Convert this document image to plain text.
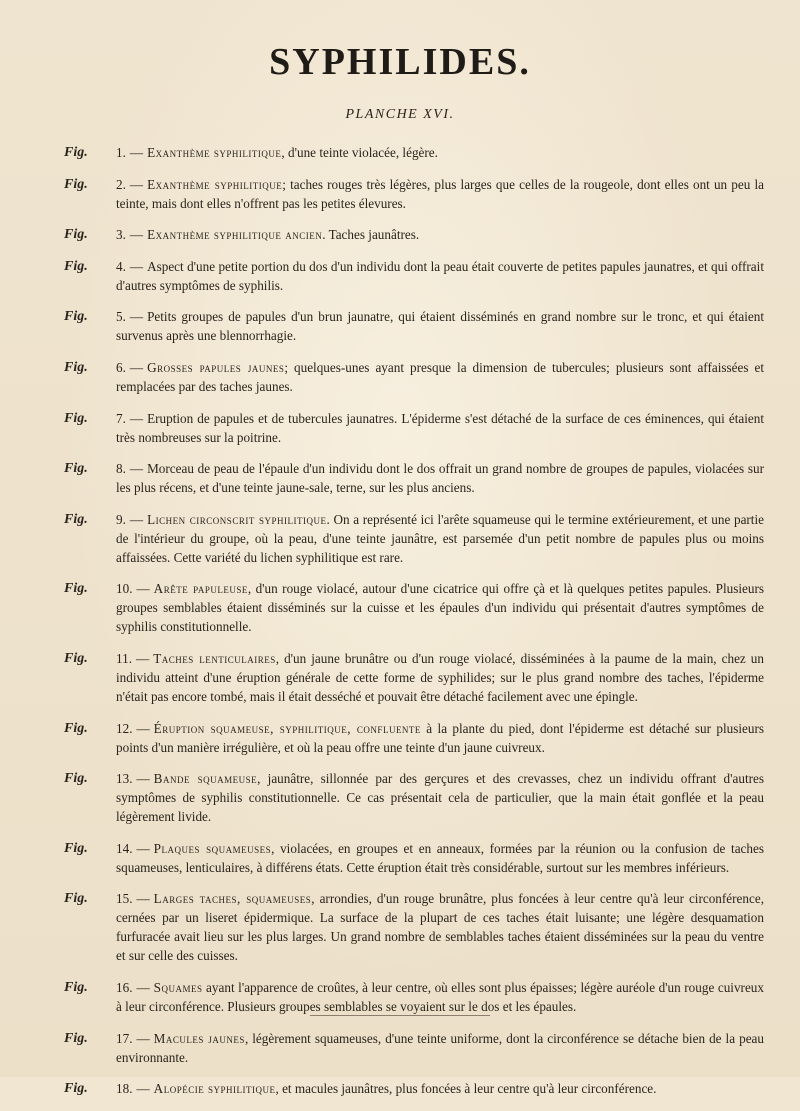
SYPHILIDES.
PLANCHE XVI.
Fig. 1. — Exanthème syphilitique, d'une teinte violacée, légère.
Fig. 2. — Exanthème syphilitique; taches rouges très légères, plus larges que celles de la rougeole, dont elles ont un peu la teinte, mais dont elles n'offrent pas les petites élevures.
Fig. 3. — Exanthème syphilitique ancien. Taches jaunâtres.
Fig. 4. — Aspect d'une petite portion du dos d'un individu dont la peau était couverte de petites papules jaunatres, et qui offrait d'autres symptômes de syphilis.
Fig. 5. — Petits groupes de papules d'un brun jaunatre, qui étaient disséminés en grand nombre sur le tronc, et qui étaient survenus après une blennorrhagie.
Fig. 6. — Grosses papules jaunes; quelques-unes ayant presque la dimension de tubercules; plusieurs sont affaissées et remplacées par des taches jaunes.
Fig. 7. — Eruption de papules et de tubercules jaunatres. L'épiderme s'est détaché de la surface de ces éminences, qui étaient très nombreuses sur la poitrine.
Fig. 8. — Morceau de peau de l'épaule d'un individu dont le dos offrait un grand nombre de groupes de papules, violacées sur les plus récens, et d'une teinte jaune-sale, terne, sur les plus anciens.
Fig. 9. — Lichen circonscrit syphilitique. On a représenté ici l'arête squameuse qui le termine extérieurement, et une partie de l'intérieur du groupe, où la peau, d'une teinte jaunâtre, est parsemée d'un petit nombre de papules plus ou moins affaissées. Cette variété du lichen syphilitique est rare.
Fig. 10. — Arête papuleuse, d'un rouge violacé, autour d'une cicatrice qui offre çà et là quelques petites papules. Plusieurs groupes semblables étaient disséminés sur la cuisse et les épaules d'un individu qui présentait d'autres symptômes de syphilis constitutionnelle.
Fig. 11. — Taches lenticulaires, d'un jaune brunâtre ou d'un rouge violacé, disséminées à la paume de la main, chez un individu atteint d'une éruption générale de cette forme de syphilides; sur le plus grand nombre des taches, l'épiderme n'était pas encore tombé, mais il était desséché et pouvait être détaché facilement avec une épingle.
Fig. 12. — Éruption squameuse, syphilitique, confluente à la plante du pied, dont l'épiderme est détaché sur plusieurs points d'un manière irrégulière, et où la peau offre une teinte d'un jaune cuivreux.
Fig. 13. — Bande squameuse, jaunâtre, sillonnée par des gerçures et des crevasses, chez un individu offrant d'autres symptômes de syphilis constitutionnelle. Ce cas présentait cela de particulier, que la main était gonflée et la peau légèrement livide.
Fig. 14. — Plaques squameuses, violacées, en groupes et en anneaux, formées par la réunion ou la confusion de taches squameuses, lenticulaires, à différens états. Cette éruption était très considérable, surtout sur les membres inférieurs.
Fig. 15. — Larges taches, squameuses, arrondies, d'un rouge brunâtre, plus foncées à leur centre qu'à leur circonférence, cernées par un liseret épidermique. La surface de la plupart de ces taches était luisante; une légère desquamation furfuracée avait lieu sur les plus larges. Un grand nombre de semblables taches étaient disséminées sur la peau du ventre et sur celle des cuisses.
Fig. 16. — Squames ayant l'apparence de croûtes, à leur centre, où elles sont plus épaisses; légère auréole d'un rouge cuivreux à leur circonférence. Plusieurs groupes semblables se voyaient sur le dos et les épaules.
Fig. 17. — Macules jaunes, légèrement squameuses, d'une teinte uniforme, dont la circonférence se détache bien de la peau environnante.
Fig. 18. — Alopécie syphilitique, et macules jaunâtres, plus foncées à leur centre qu'à leur circonférence.
